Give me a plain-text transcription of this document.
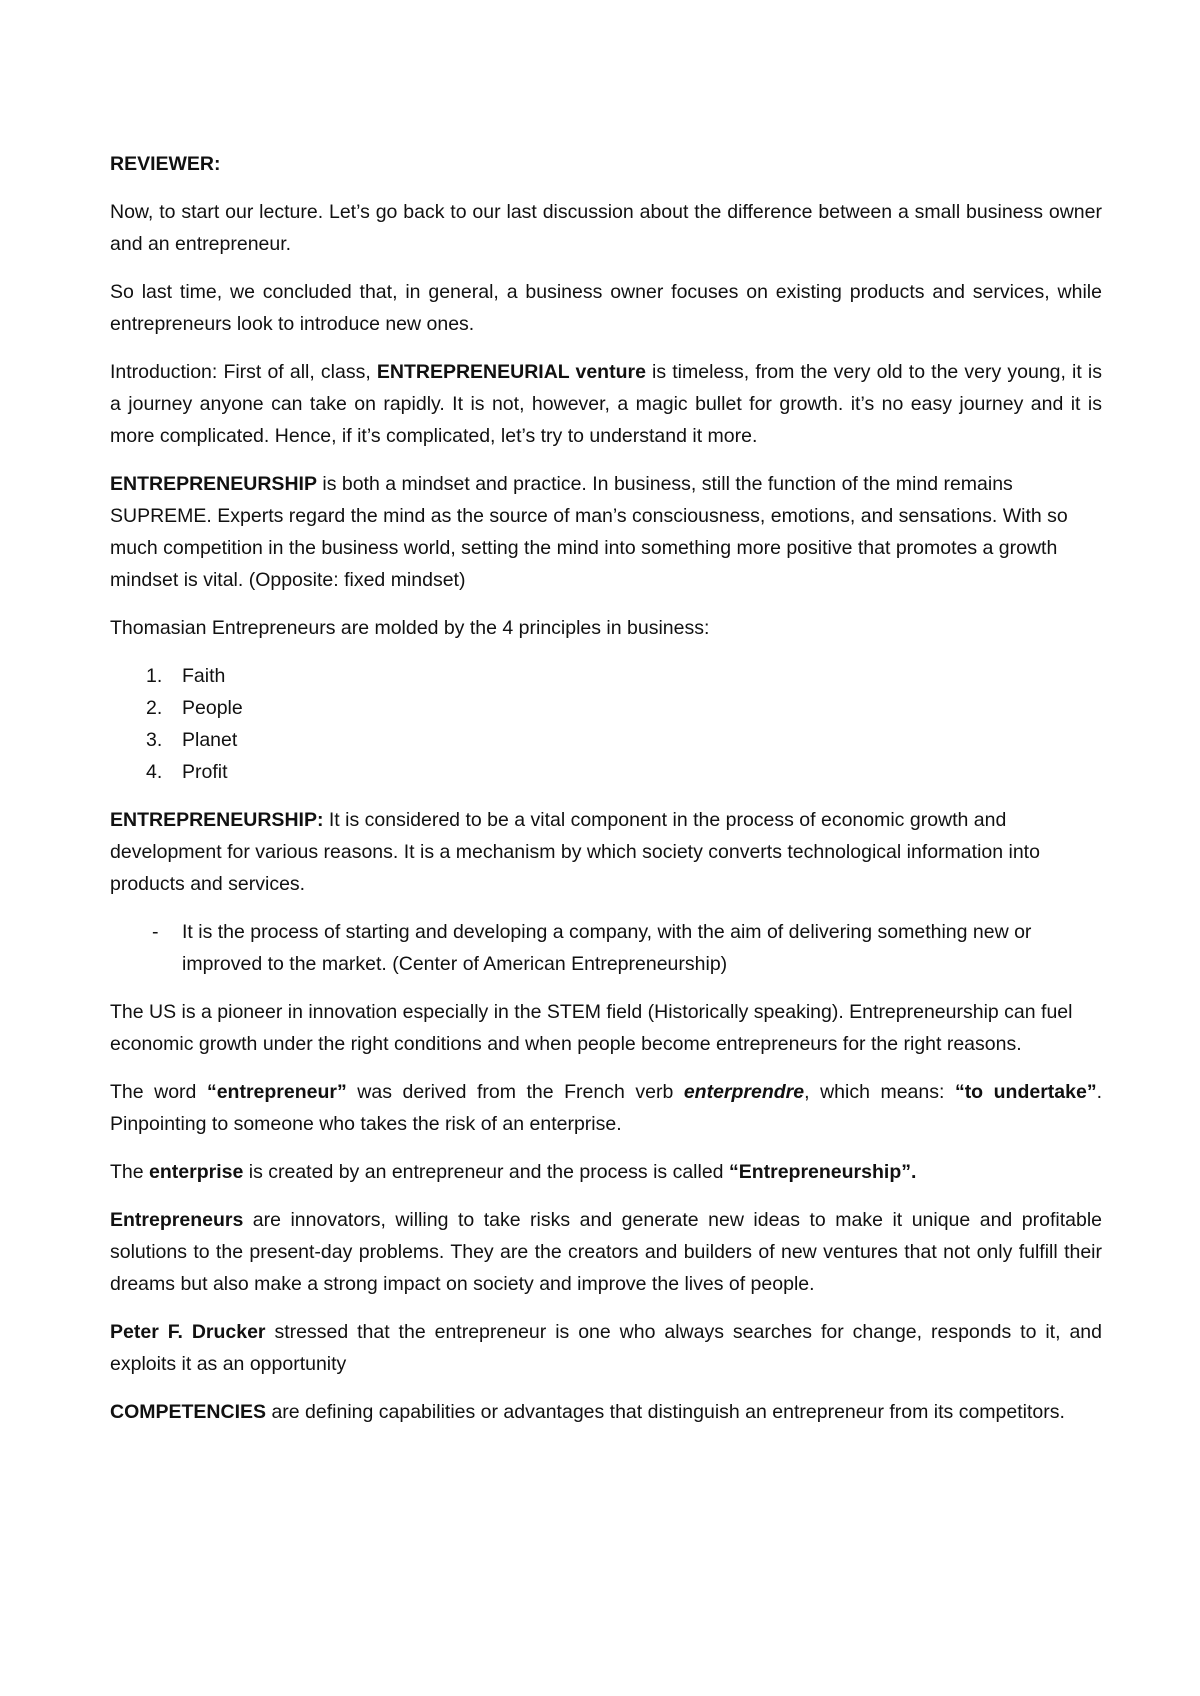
REVIEWER:

Now, to start our lecture. Let’s go back to our last discussion about the difference between a small business owner and an entrepreneur.

So last time, we concluded that, in general, a business owner focuses on existing products and services, while entrepreneurs look to introduce new ones.

Introduction: First of all, class, ENTREPRENEURIAL venture is timeless, from the very old to the very young, it is a journey anyone can take on rapidly. It is not, however, a magic bullet for growth. it’s no easy journey and it is more complicated. Hence, if it’s complicated, let’s try to understand it more.

ENTREPRENEURSHIP is both a mindset and practice. In business, still the function of the mind remains SUPREME. Experts regard the mind as the source of man’s consciousness, emotions, and sensations. With so much competition in the business world, setting the mind into something more positive that promotes a growth mindset is vital. (Opposite: fixed mindset)

Thomasian Entrepreneurs are molded by the 4 principles in business:

1. Faith
2. People
3. Planet
4. Profit

ENTREPRENEURSHIP: It is considered to be a vital component in the process of economic growth and development for various reasons. It is a mechanism by which society converts technological information into products and services.

- It is the process of starting and developing a company, with the aim of delivering something new or improved to the market. (Center of American Entrepreneurship)

The US is a pioneer in innovation especially in the STEM field (Historically speaking). Entrepreneurship can fuel economic growth under the right conditions and when people become entrepreneurs for the right reasons.

The word “entrepreneur” was derived from the French verb enterprendre, which means: “to undertake”. Pinpointing to someone who takes the risk of an enterprise.

The enterprise is created by an entrepreneur and the process is called “Entrepreneurship”.

Entrepreneurs are innovators, willing to take risks and generate new ideas to make it unique and profitable solutions to the present-day problems. They are the creators and builders of new ventures that not only fulfill their dreams but also make a strong impact on society and improve the lives of people.

Peter F. Drucker stressed that the entrepreneur is one who always searches for change, responds to it, and exploits it as an opportunity

COMPETENCIES are defining capabilities or advantages that distinguish an entrepreneur from its competitors.
